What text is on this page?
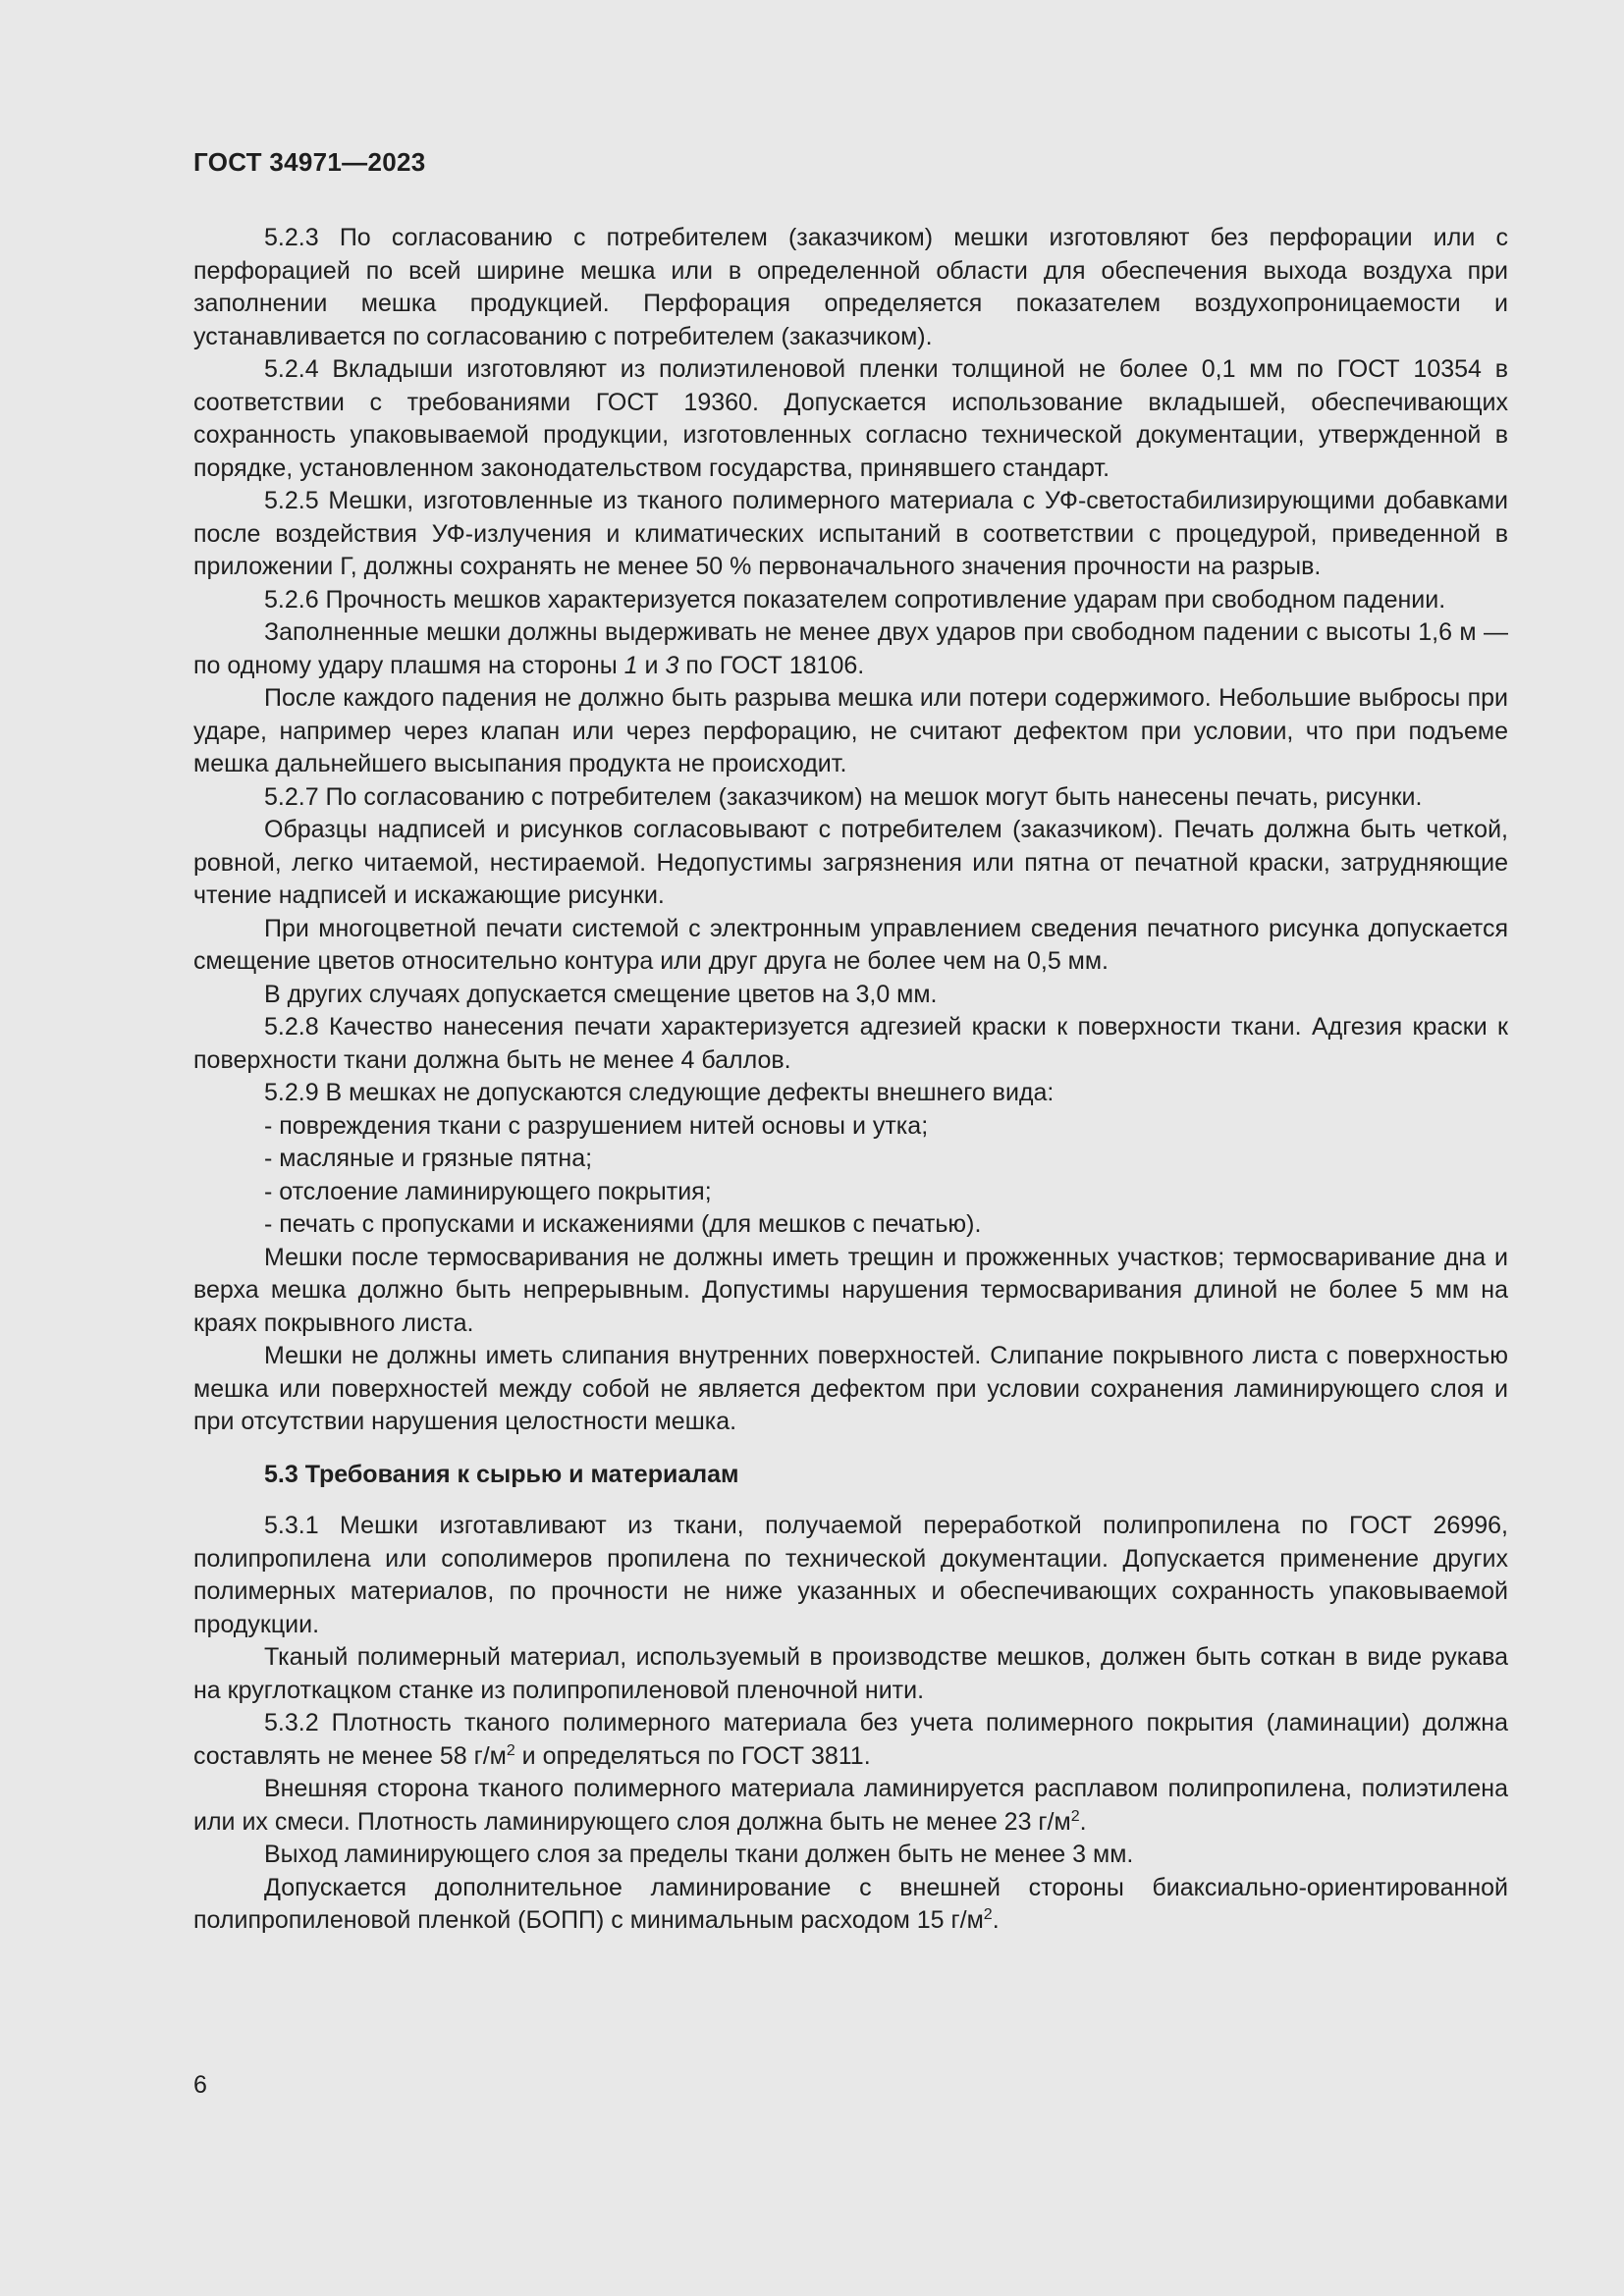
ГОСТ 34971—2023

5.2.3 По согласованию с потребителем (заказчиком) мешки изготовляют без перфорации или с перфорацией по всей ширине мешка или в определенной области для обеспечения выхода воздуха при заполнении мешка продукцией. Перфорация определяется показателем воздухопроницаемости и устанавливается по согласованию с потребителем (заказчиком).

5.2.4 Вкладыши изготовляют из полиэтиленовой пленки толщиной не более 0,1 мм по ГОСТ 10354 в соответствии с требованиями ГОСТ 19360. Допускается использование вкладышей, обеспечивающих сохранность упаковываемой продукции, изготовленных согласно технической документации, утвержденной в порядке, установленном законодательством государства, принявшего стандарт.

5.2.5 Мешки, изготовленные из тканого полимерного материала с УФ-светостабилизирующими добавками после воздействия УФ-излучения и климатических испытаний в соответствии с процедурой, приведенной в приложении Г, должны сохранять не менее 50 % первоначального значения прочности на разрыв.

5.2.6 Прочность мешков характеризуется показателем сопротивление ударам при свободном падении.

Заполненные мешки должны выдерживать не менее двух ударов при свободном падении с высоты 1,6 м — по одному удару плашмя на стороны 1 и 3 по ГОСТ 18106.

После каждого падения не должно быть разрыва мешка или потери содержимого. Небольшие выбросы при ударе, например через клапан или через перфорацию, не считают дефектом при условии, что при подъеме мешка дальнейшего высыпания продукта не происходит.

5.2.7 По согласованию с потребителем (заказчиком) на мешок могут быть нанесены печать, рисунки.

Образцы надписей и рисунков согласовывают с потребителем (заказчиком). Печать должна быть четкой, ровной, легко читаемой, нестираемой. Недопустимы загрязнения или пятна от печатной краски, затрудняющие чтение надписей и искажающие рисунки.

При многоцветной печати системой с электронным управлением сведения печатного рисунка допускается смещение цветов относительно контура или друг друга не более чем на 0,5 мм.

В других случаях допускается смещение цветов на 3,0 мм.

5.2.8 Качество нанесения печати характеризуется адгезией краски к поверхности ткани. Адгезия краски к поверхности ткани должна быть не менее 4 баллов.

5.2.9 В мешках не допускаются следующие дефекты внешнего вида:

- повреждения ткани с разрушением нитей основы и утка;

- масляные и грязные пятна;

- отслоение ламинирующего покрытия;

- печать с пропусками и искажениями (для мешков с печатью).

Мешки после термосваривания не должны иметь трещин и прожженных участков; термосваривание дна и верха мешка должно быть непрерывным. Допустимы нарушения термосваривания длиной не более 5 мм на краях покрывного листа.

Мешки не должны иметь слипания внутренних поверхностей. Слипание покрывного листа с поверхностью мешка или поверхностей между собой не является дефектом при условии сохранения ламинирующего слоя и при отсутствии нарушения целостности мешка.

5.3 Требования к сырью и материалам

5.3.1 Мешки изготавливают из ткани, получаемой переработкой полипропилена по ГОСТ 26996, полипропилена или сополимеров пропилена по технической документации. Допускается применение других полимерных материалов, по прочности не ниже указанных и обеспечивающих сохранность упаковываемой продукции.

Тканый полимерный материал, используемый в производстве мешков, должен быть соткан в виде рукава на круглоткацком станке из полипропиленовой пленочной нити.

5.3.2 Плотность тканого полимерного материала без учета полимерного покрытия (ламинации) должна составлять не менее 58 $г/м^2$ и определяться по ГОСТ 3811.

Внешняя сторона тканого полимерного материала ламинируется расплавом полипропилена, полиэтилена или их смеси. Плотность ламинирующего слоя должна быть не менее 23 $г/м^2$.

Выход ламинирующего слоя за пределы ткани должен быть не менее 3 мм.

Допускается дополнительное ламинирование с внешней стороны биаксиально-ориентированной полипропиленовой пленкой (БОПП) с минимальным расходом 15 $г/м^2$.

6
